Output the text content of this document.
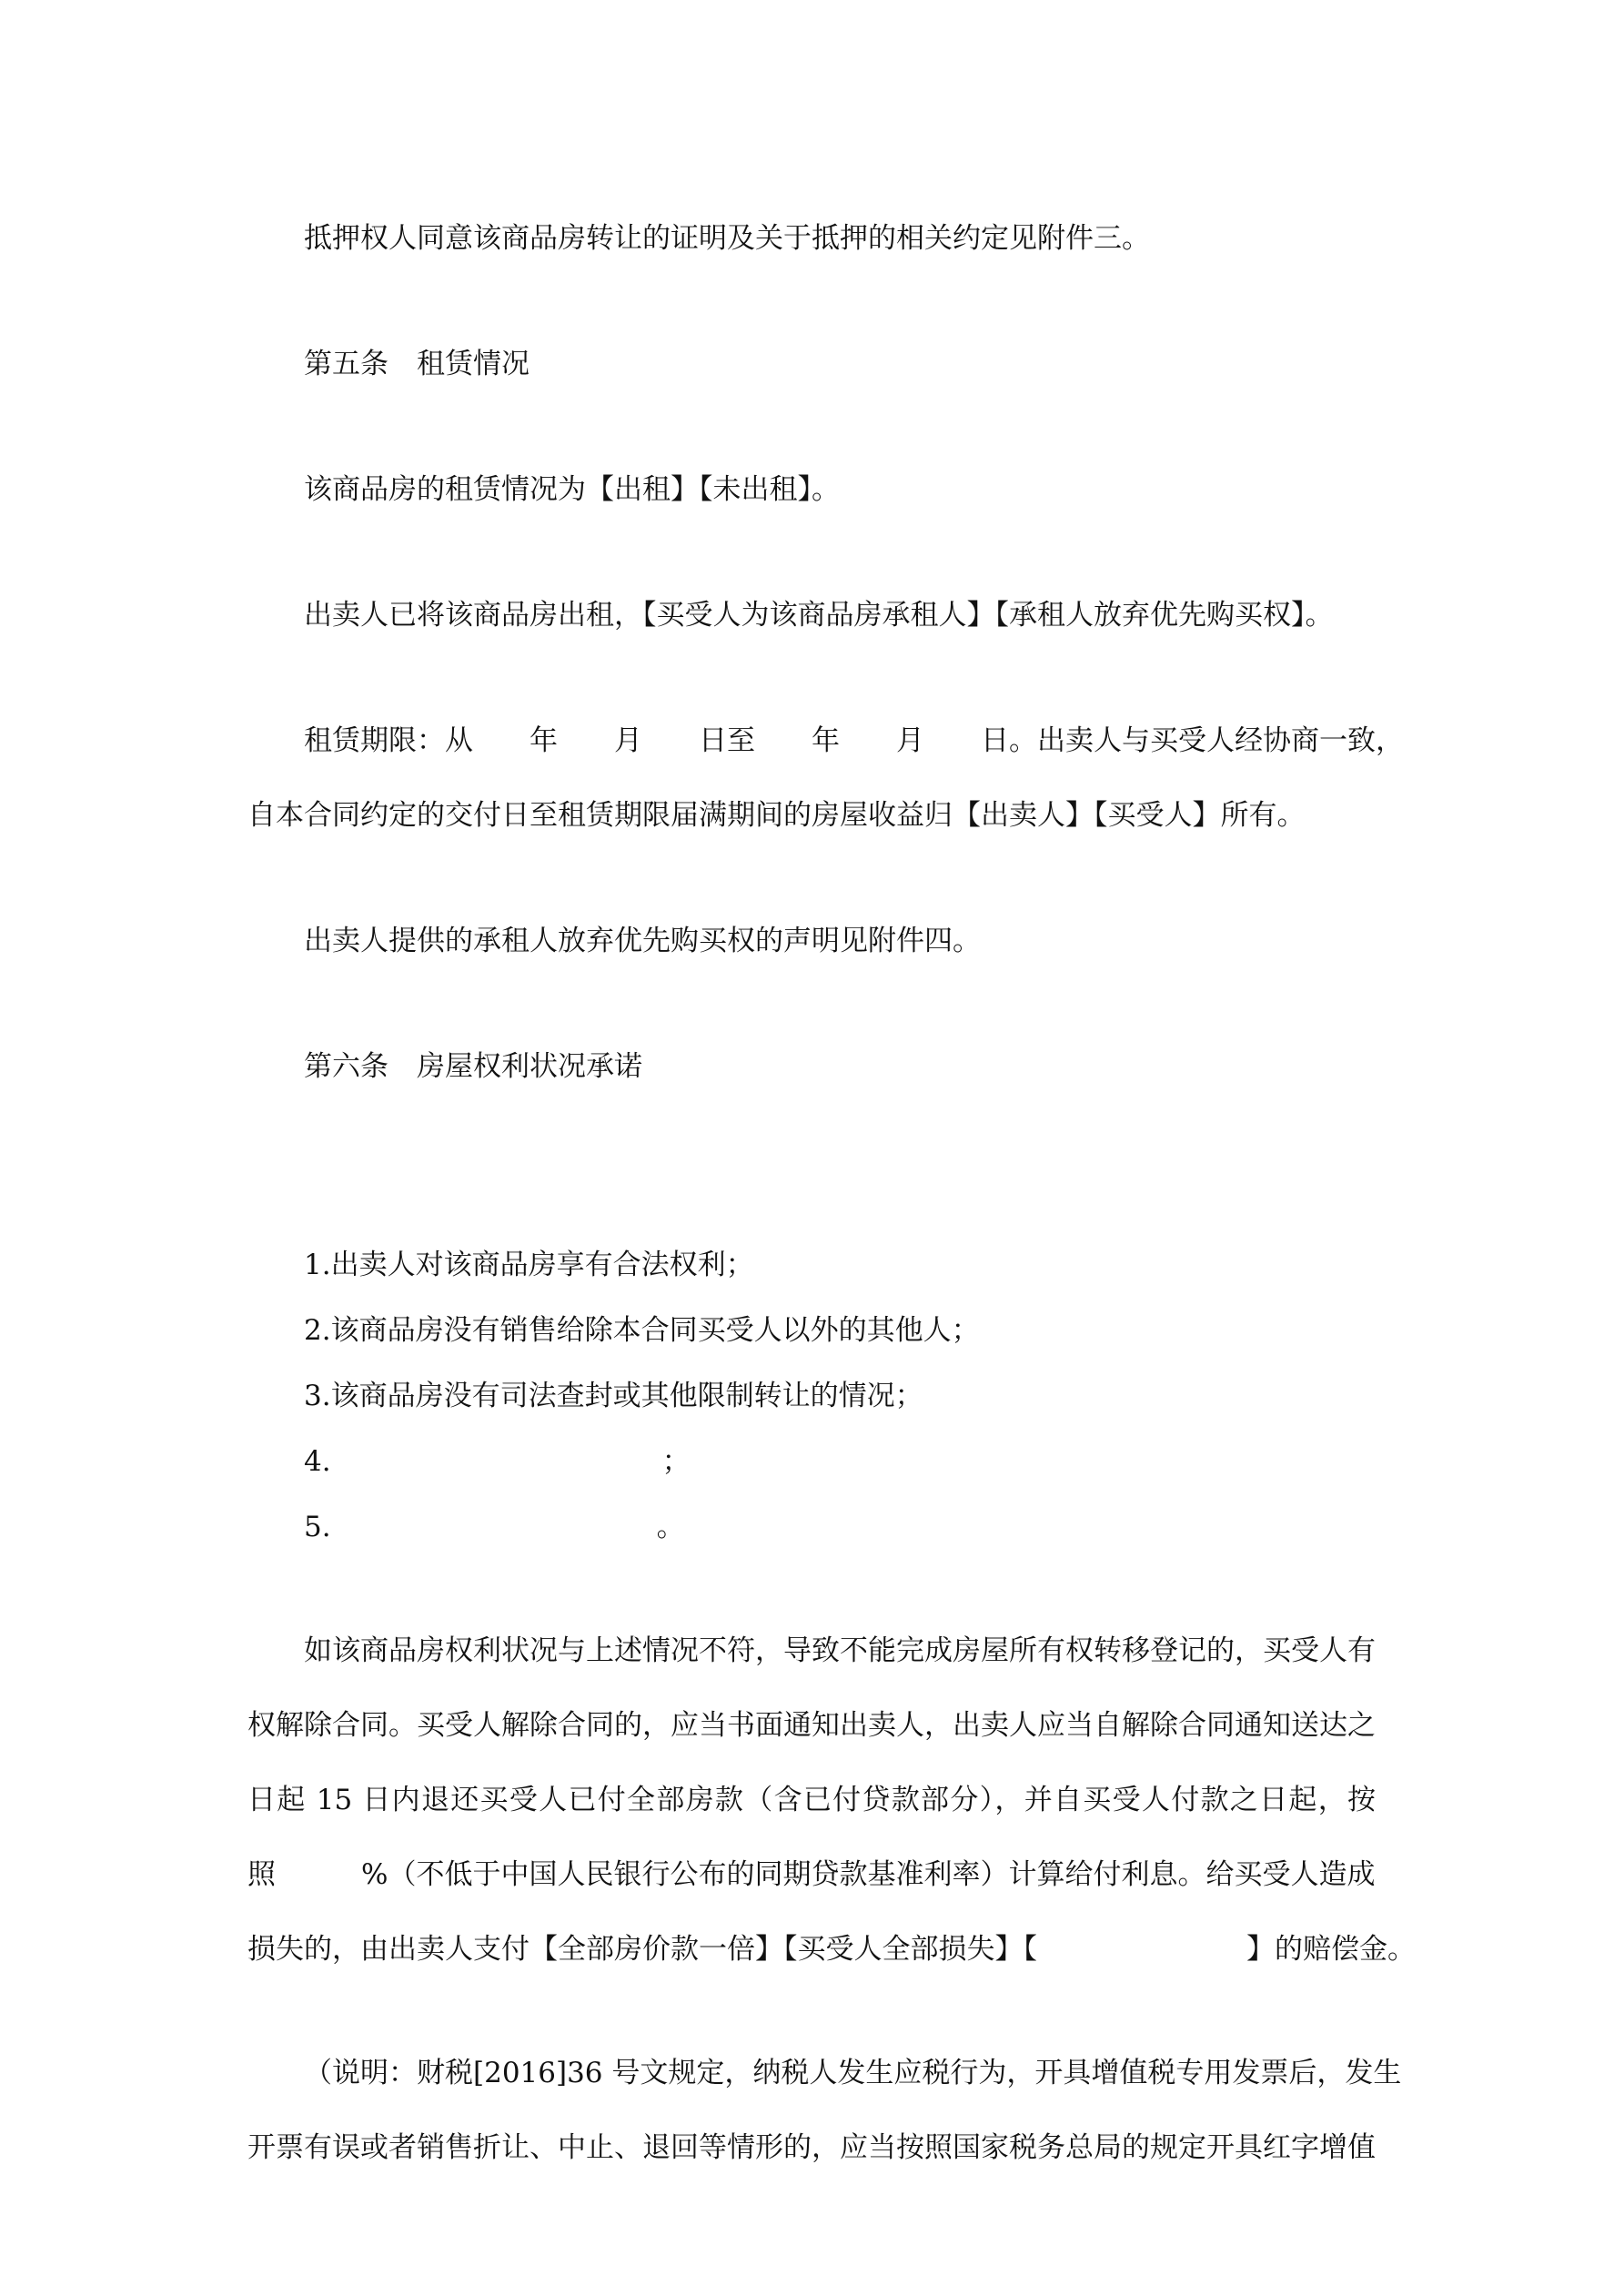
抵押权人同意该商品房转让的证明及关于抵押的相关约定见附件三。
第五条　租赁情况
该商品房的租赁情况为【出租】【未出租】。
出卖人已将该商品房出租，【买受人为该商品房承租人】【承租人放弃优先购买权】。
租赁期限：从 年 月 日至 年 月 日。出卖人与买受人经协商一致，
自本合同约定的交付日至租赁期限届满期间的房屋收益归【出卖人】【买受人】所有。
出卖人提供的承租人放弃优先购买权的声明见附件四。
第六条　房屋权利状况承诺
1.出卖人对该商品房享有合法权利；
2.该商品房没有销售给除本合同买受人以外的其他人；
3.该商品房没有司法查封或其他限制转让的情况；
4.	；
5.	。
如该商品房权利状况与上述情况不符，导致不能完成房屋所有权转移登记的，买受人有
权解除合同。买受人解除合同的，应当书面通知出卖人，出卖人应当自解除合同通知送达之
日起 15 日内退还买受人已付全部房款（含已付贷款部分），并自买受人付款之日起，按
照	%（不低于中国人民银行公布的同期贷款基准利率）计算给付利息。给买受人造成
损失的，由出卖人支付【全部房价款一倍】【买受人全部损失】【	】的赔偿金。
（说明：财税[2016]36 号文规定，纳税人发生应税行为，开具增值税专用发票后，发生
开票有误或者销售折让、中止、退回等情形的，应当按照国家税务总局的规定开具红字增值
